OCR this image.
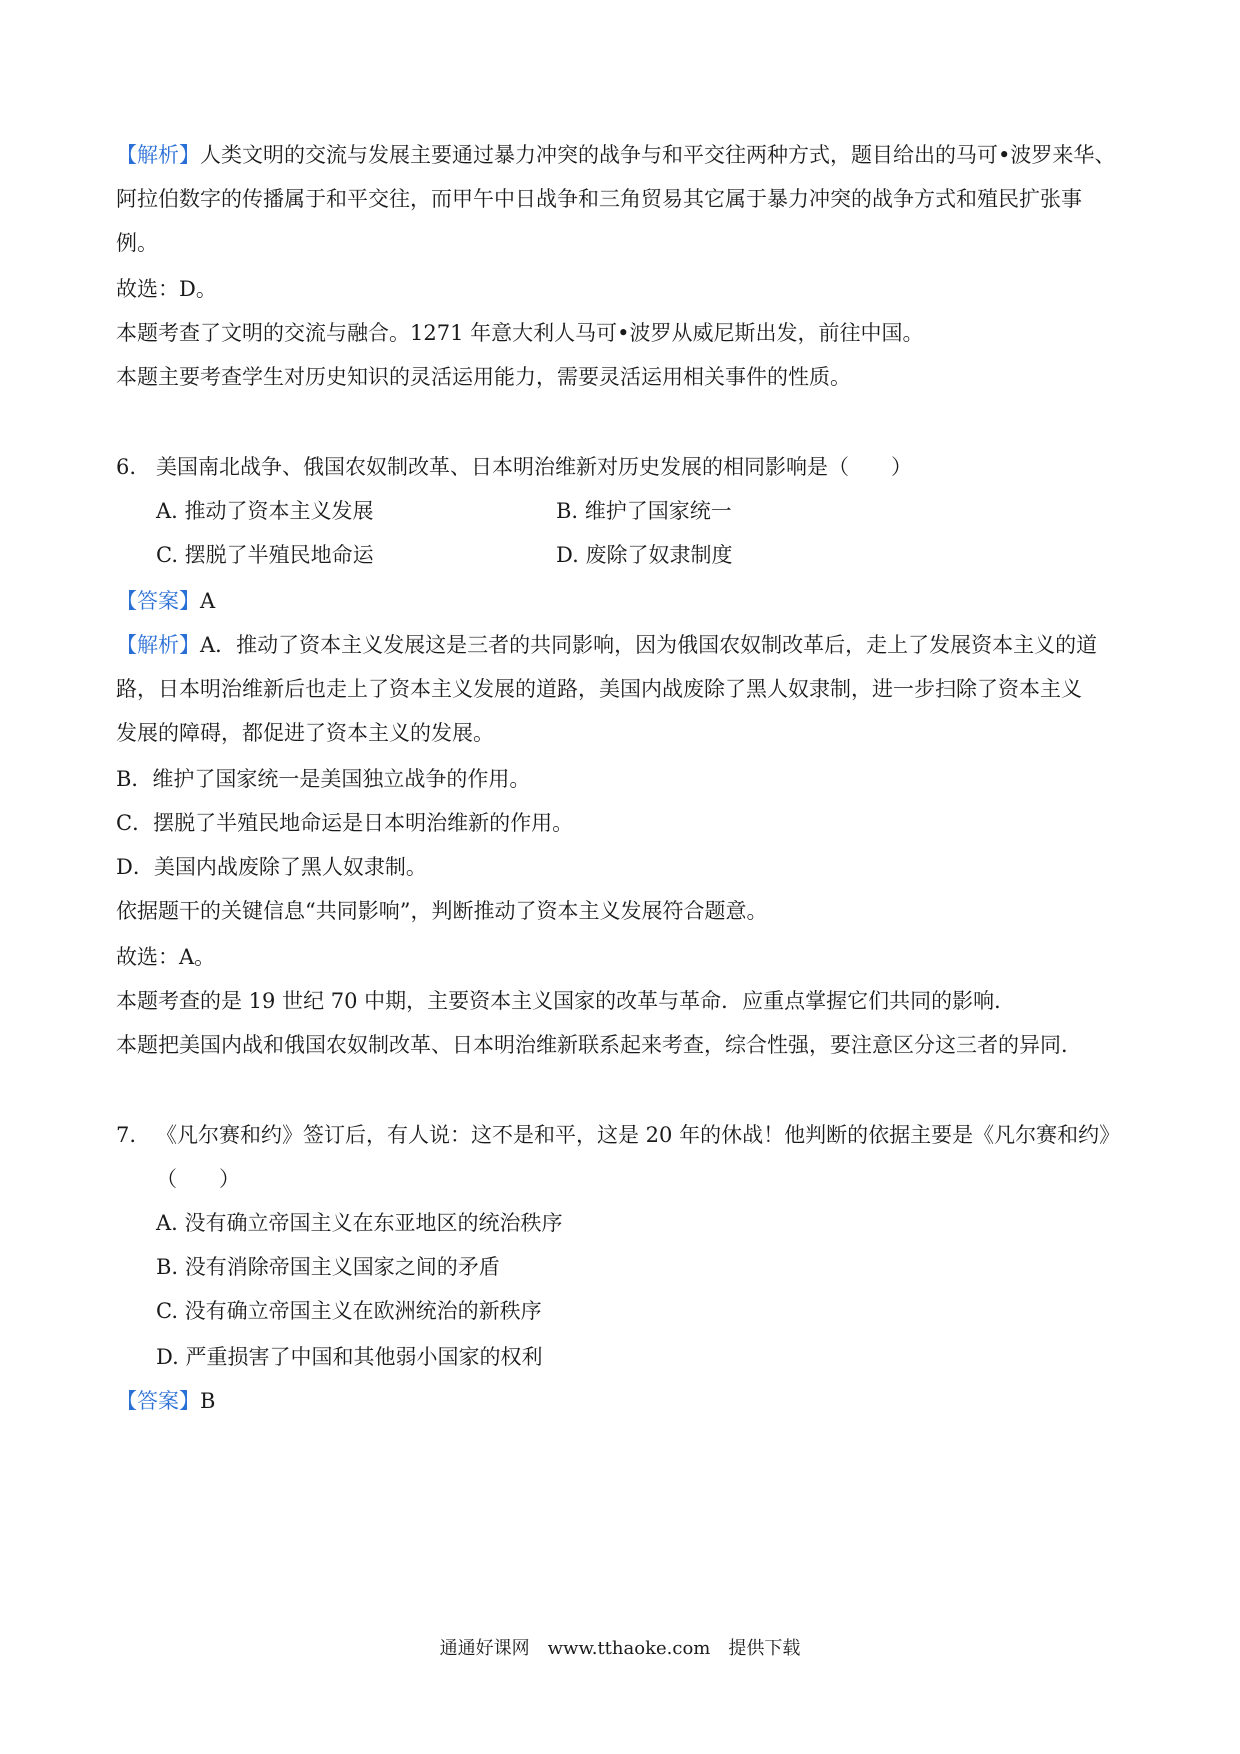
【解析】人类文明的交流与发展主要通过暴力冲突的战争与和平交往两种方式，题目给出的马可•波罗来华、
阿拉伯数字的传播属于和平交往，而甲午中日战争和三角贸易其它属于暴力冲突的战争方式和殖民扩张事
例。
故选：D。
本题考查了文明的交流与融合。1271 年意大利人马可•波罗从威尼斯出发，前往中国。
本题主要考查学生对历史知识的灵活运用能力，需要灵活运用相关事件的性质。
6. 美国南北战争、俄国农奴制改革、日本明治维新对历史发展的相同影响是（　　）
A. 推动了资本主义发展	B. 维护了国家统一
C. 摆脱了半殖民地命运	D. 废除了奴隶制度
【答案】A
【解析】A．推动了资本主义发展这是三者的共同影响，因为俄国农奴制改革后，走上了发展资本主义的道
路，日本明治维新后也走上了资本主义发展的道路，美国内战废除了黑人奴隶制，进一步扫除了资本主义
发展的障碍，都促进了资本主义的发展。
B．维护了国家统一是美国独立战争的作用。
C．摆脱了半殖民地命运是日本明治维新的作用。
D．美国内战废除了黑人奴隶制。
依据题干的关键信息“共同影响”，判断推动了资本主义发展符合题意。
故选：A。
本题考查的是 19 世纪 70 中期，主要资本主义国家的改革与革命．应重点掌握它们共同的影响．
本题把美国内战和俄国农奴制改革、日本明治维新联系起来考查，综合性强，要注意区分这三者的异同．
7. 《凡尔赛和约》签订后，有人说：这不是和平，这是 20 年的休战！他判断的依据主要是《凡尔赛和约》
（　　）
A. 没有确立帝国主义在东亚地区的统治秩序
B. 没有消除帝国主义国家之间的矛盾
C. 没有确立帝国主义在欧洲统治的新秩序
D. 严重损害了中国和其他弱小国家的权利
【答案】B
通通好课网　www.tthaoke.com　提供下载
